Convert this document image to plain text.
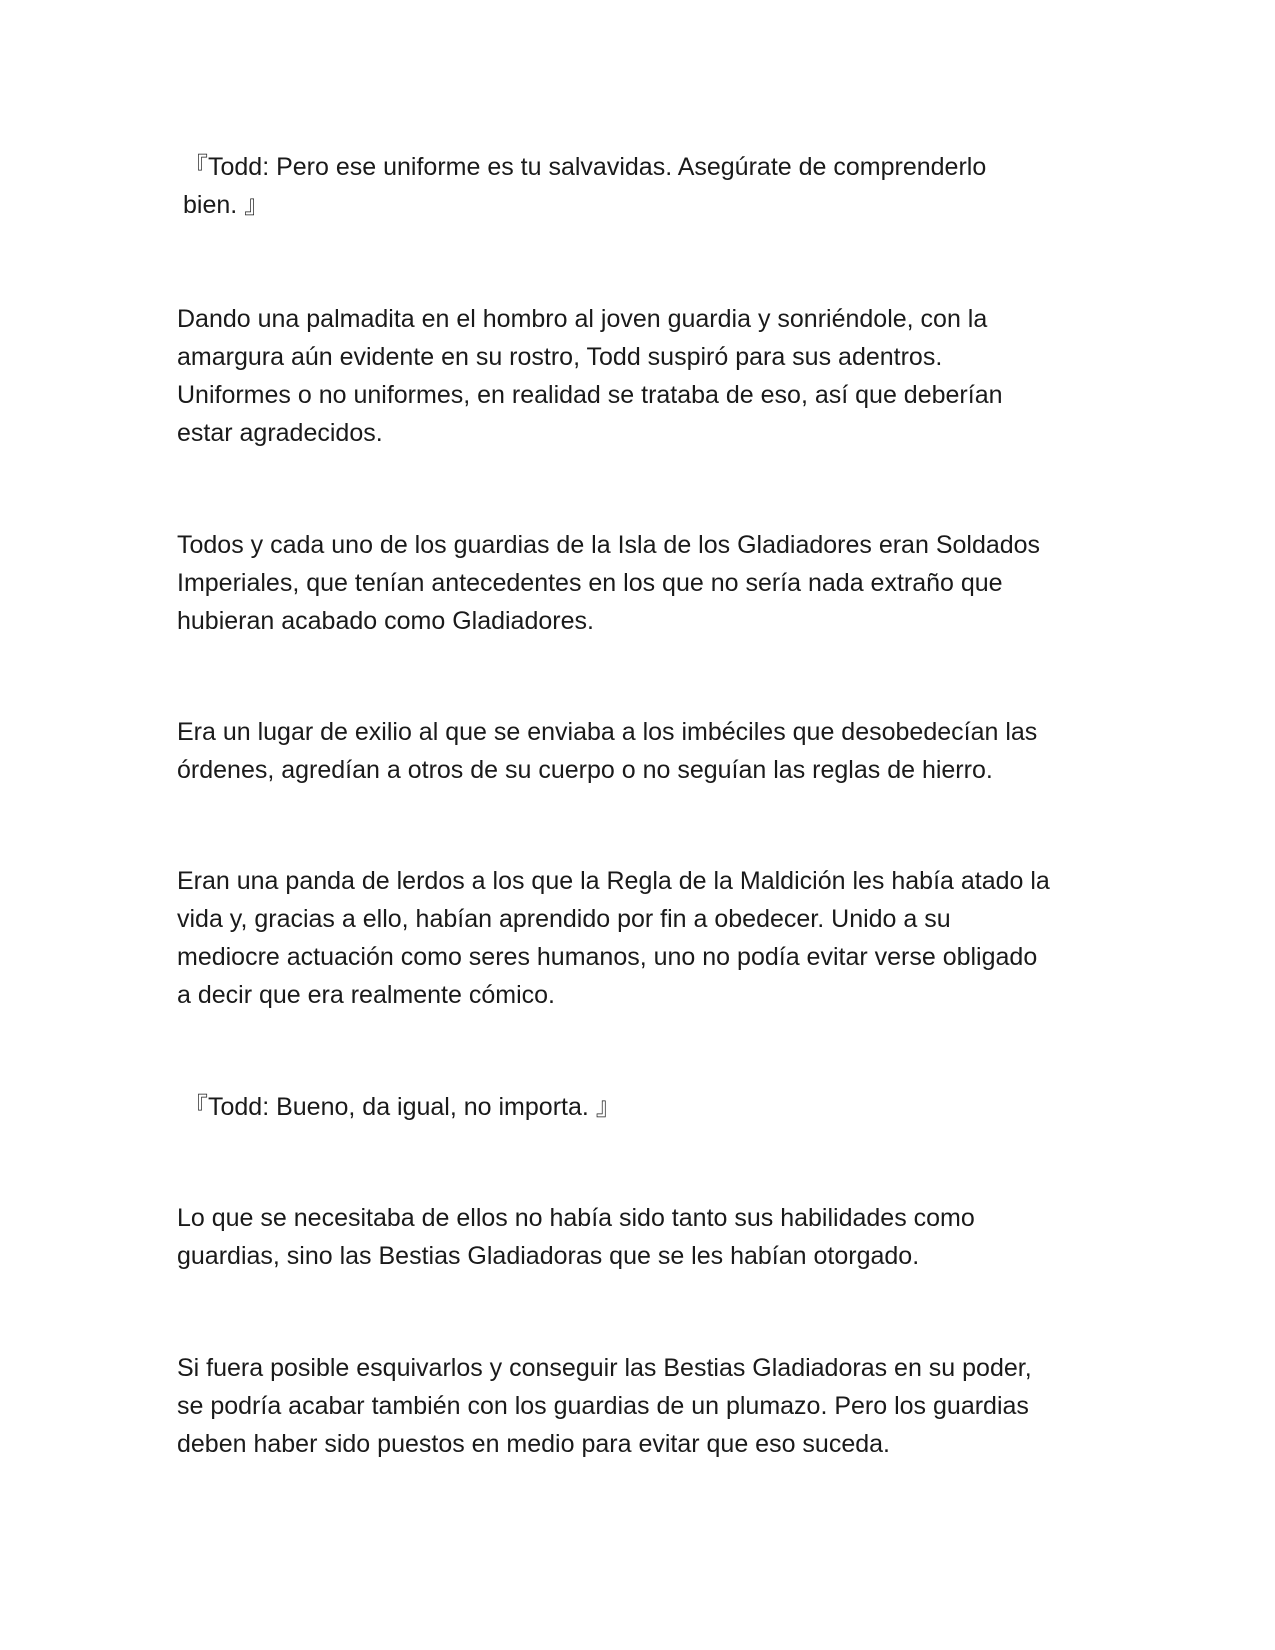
『Todd: Pero ese uniforme es tu salvavidas. Asegúrate de comprenderlo
bien. 』

Dando una palmadita en el hombro al joven guardia y sonriéndole, con la
amargura aún evidente en su rostro, Todd suspiró para sus adentros.
Uniformes o no uniformes, en realidad se trataba de eso, así que deberían
estar agradecidos.

Todos y cada uno de los guardias de la Isla de los Gladiadores eran Soldados
Imperiales, que tenían antecedentes en los que no sería nada extraño que
hubieran acabado como Gladiadores.

Era un lugar de exilio al que se enviaba a los imbéciles que desobedecían las
órdenes, agredían a otros de su cuerpo o no seguían las reglas de hierro.

Eran una panda de lerdos a los que la Regla de la Maldición les había atado la
vida y, gracias a ello, habían aprendido por fin a obedecer. Unido a su
mediocre actuación como seres humanos, uno no podía evitar verse obligado
a decir que era realmente cómico.

『Todd: Bueno, da igual, no importa. 』

Lo que se necesitaba de ellos no había sido tanto sus habilidades como
guardias, sino las Bestias Gladiadoras que se les habían otorgado.

Si fuera posible esquivarlos y conseguir las Bestias Gladiadoras en su poder,
se podría acabar también con los guardias de un plumazo. Pero los guardias
deben haber sido puestos en medio para evitar que eso suceda.
